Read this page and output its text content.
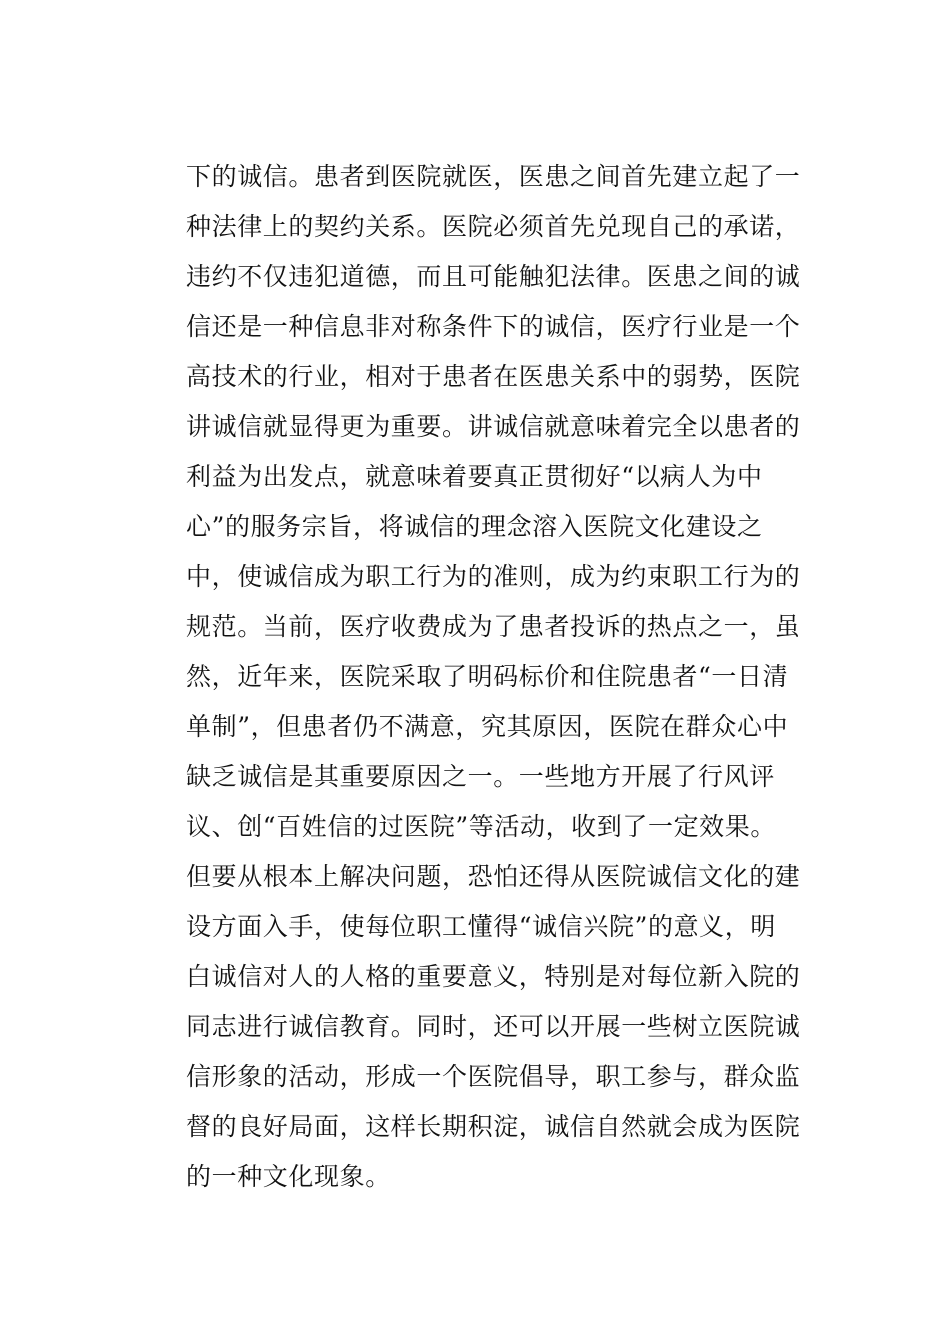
下的诚信。患者到医院就医，医患之间首先建立起了一
种法律上的契约关系。医院必须首先兑现自己的承诺，
违约不仅违犯道德，而且可能触犯法律。医患之间的诚
信还是一种信息非对称条件下的诚信，医疗行业是一个
高技术的行业，相对于患者在医患关系中的弱势，医院
讲诚信就显得更为重要。讲诚信就意味着完全以患者的
利益为出发点，就意味着要真正贯彻好“以病人为中
心”的服务宗旨，将诚信的理念溶入医院文化建设之
中，使诚信成为职工行为的准则，成为约束职工行为的
规范。当前，医疗收费成为了患者投诉的热点之一，虽
然，近年来，医院采取了明码标价和住院患者“一日清
单制”，但患者仍不满意，究其原因，医院在群众心中
缺乏诚信是其重要原因之一。一些地方开展了行风评
议、创“百姓信的过医院”等活动，收到了一定效果。
但要从根本上解决问题，恐怕还得从医院诚信文化的建
设方面入手，使每位职工懂得“诚信兴院”的意义，明
白诚信对人的人格的重要意义，特别是对每位新入院的
同志进行诚信教育。同时，还可以开展一些树立医院诚
信形象的活动，形成一个医院倡导，职工参与，群众监
督的良好局面，这样长期积淀，诚信自然就会成为医院
的一种文化现象。
